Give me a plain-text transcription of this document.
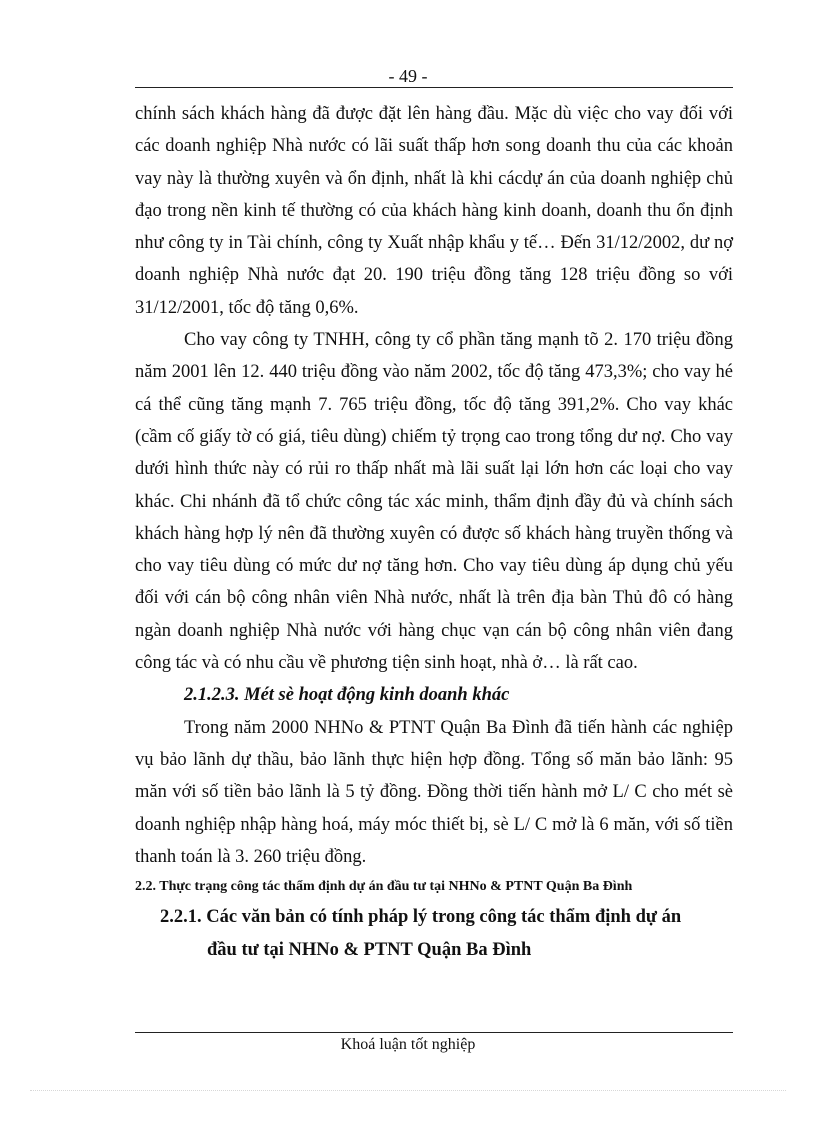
- 49 -

chính sách khách hàng đã được đặt lên hàng đầu. Mặc dù việc cho vay đối với các doanh nghiệp Nhà nước có lãi suất thấp hơn song doanh thu của các khoản vay này là thường xuyên và ổn định, nhất là khi cácdự án của doanh nghiệp chủ đạo trong nền kinh tế thường có của khách hàng kinh doanh, doanh thu ổn định như công ty in Tài chính, công ty Xuất nhập khẩu y tế… Đến 31/12/2002, dư nợ doanh nghiệp Nhà nước đạt 20. 190 triệu đồng tăng 128 triệu đồng so với 31/12/2001, tốc độ tăng 0,6%.

Cho vay công ty TNHH, công ty cổ phần tăng mạnh tõ 2. 170 triệu đồng năm 2001 lên 12. 440 triệu đồng vào năm 2002, tốc độ tăng 473,3%; cho vay hé cá thể cũng tăng mạnh 7. 765 triệu đồng, tốc độ tăng 391,2%. Cho vay khác (cầm cố giấy tờ có giá, tiêu dùng) chiếm tỷ trọng cao trong tổng dư nợ. Cho vay dưới hình thức này có rủi ro thấp nhất mà lãi suất lại lớn hơn các loại cho vay khác. Chi nhánh đã tổ chức công tác xác minh, thẩm định đầy đủ và chính sách khách hàng hợp lý nên đã thường xuyên có được số khách hàng truyền thống và cho vay tiêu dùng có mức dư nợ tăng hơn. Cho vay tiêu dùng áp dụng chủ yếu đối với cán bộ công nhân viên Nhà nước, nhất là trên địa bàn Thủ đô có hàng ngàn doanh nghiệp Nhà nước với hàng chục vạn cán bộ công nhân viên đang công tác và có nhu cầu về phương tiện sinh hoạt, nhà ở… là rất cao.

2.1.2.3. Mét sè hoạt động kinh doanh khác

Trong năm 2000 NHNo & PTNT Quận Ba Đình đã tiến hành các nghiệp vụ bảo lãnh dự thầu, bảo lãnh thực hiện hợp đồng. Tổng số măn bảo lãnh: 95 măn với số tiền bảo lãnh là 5 tỷ đồng. Đồng thời tiến hành mở L/ C cho mét sè doanh nghiệp nhập hàng hoá, máy móc thiết bị, sè L/ C mở là 6 măn, với số tiền thanh toán là 3. 260 triệu đồng.

2.2. Thực trạng công tác thẩm định dự án đầu tư tại NHNo & PTNT Quận Ba Đình

2.2.1. Các văn bản có tính pháp lý trong công tác thẩm định dự án
đầu tư tại NHNo & PTNT Quận Ba Đình

Khoá luận tốt nghiệp
